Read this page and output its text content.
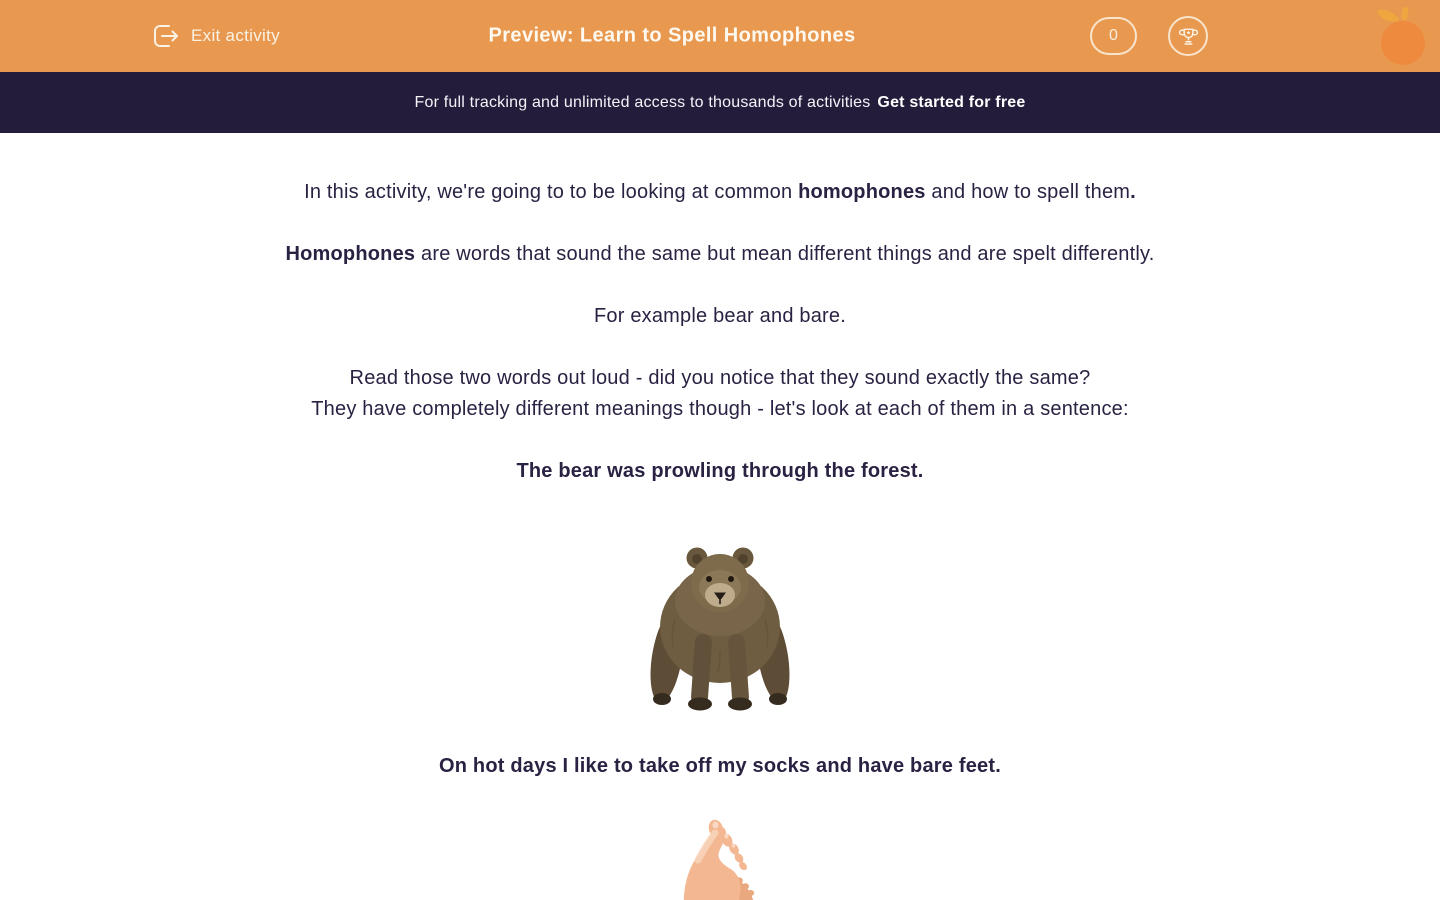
Exit activity	Preview: Learn to Spell Homophones	0
For full tracking and unlimited access to thousands of activities Get started for free

In this activity, we're going to to be looking at common homophones and how to spell them.

Homophones are words that sound the same but mean different things and are spelt differently.

For example bear and bare.

Read those two words out loud - did you notice that they sound exactly the same?
They have completely different meanings though - let's look at each of them in a sentence:

The bear was prowling through the forest.

On hot days I like to take off my socks and have bare feet.
